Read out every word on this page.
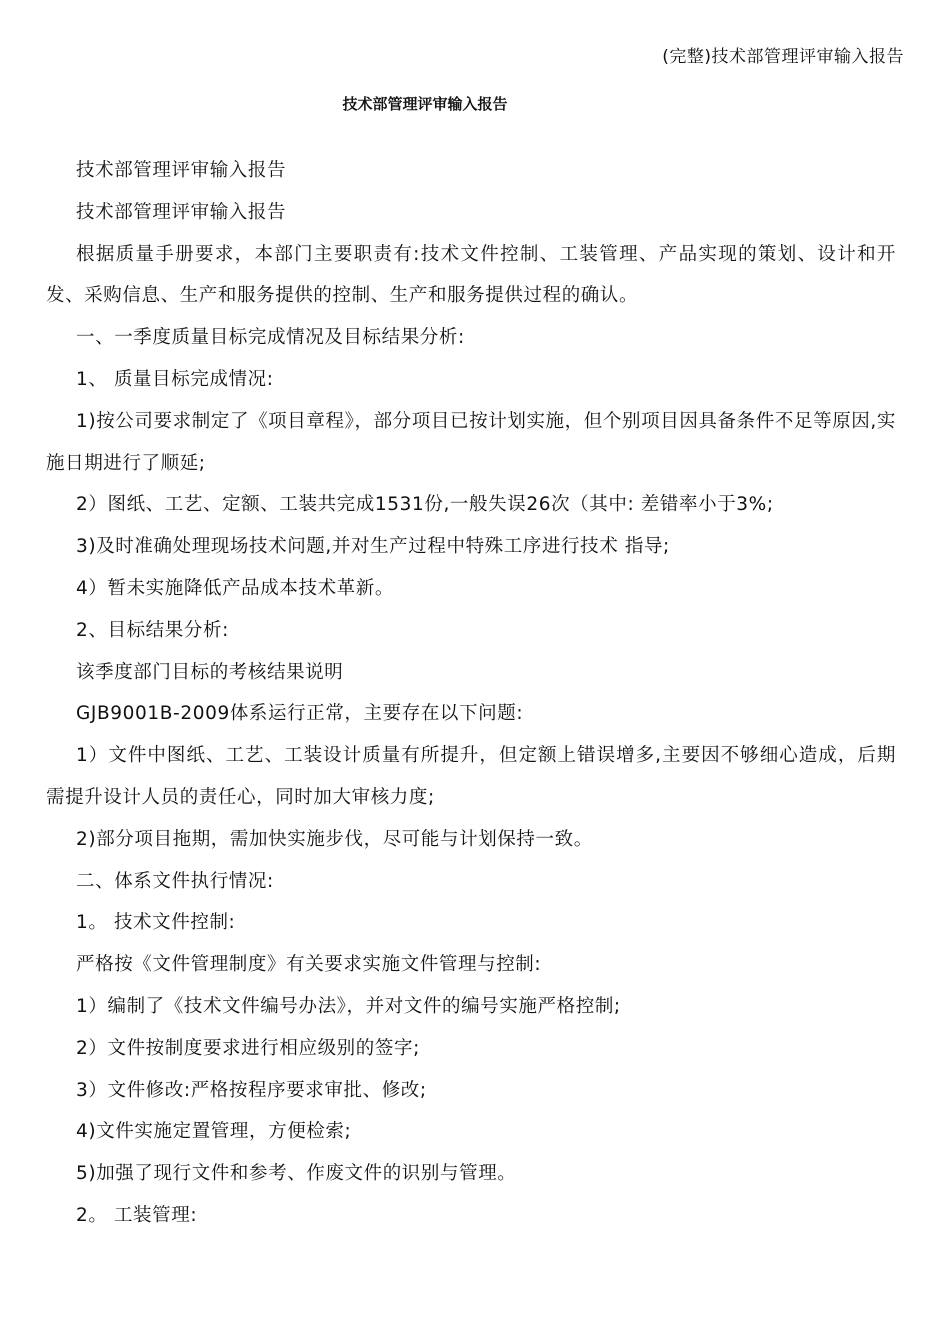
(完整)技术部管理评审输入报告
技术部管理评审输入报告

技术部管理评审输入报告

技术部管理评审输入报告

根据质量手册要求，本部门主要职责有:技术文件控制、工装管理、产品实现的策划、设计和开发、采购信息、生产和服务提供的控制、生产和服务提供过程的确认。

一、一季度质量目标完成情况及目标结果分析:

1、 质量目标完成情况:

1)按公司要求制定了《项目章程》，部分项目已按计划实施，但个别项目因具备条件不足等原因,实施日期进行了顺延;

2）图纸、工艺、定额、工装共完成1531份,一般失误26次（其中: 差错率小于3%;

3)及时准确处理现场技术问题,并对生产过程中特殊工序进行技术 指导;

4）暂未实施降低产品成本技术革新。

2、目标结果分析:

该季度部门目标的考核结果说明

GJB9001B-2009体系运行正常，主要存在以下问题:

1）文件中图纸、工艺、工装设计质量有所提升，但定额上错误增多,主要因不够细心造成，后期需提升设计人员的责任心，同时加大审核力度;

2)部分项目拖期，需加快实施步伐，尽可能与计划保持一致。

二、体系文件执行情况:

1。 技术文件控制:

严格按《文件管理制度》有关要求实施文件管理与控制:

1）编制了《技术文件编号办法》，并对文件的编号实施严格控制;

2）文件按制度要求进行相应级别的签字;

3）文件修改:严格按程序要求审批、修改;

4)文件实施定置管理，方便检索;

5)加强了现行文件和参考、作废文件的识别与管理。

2。 工装管理:
